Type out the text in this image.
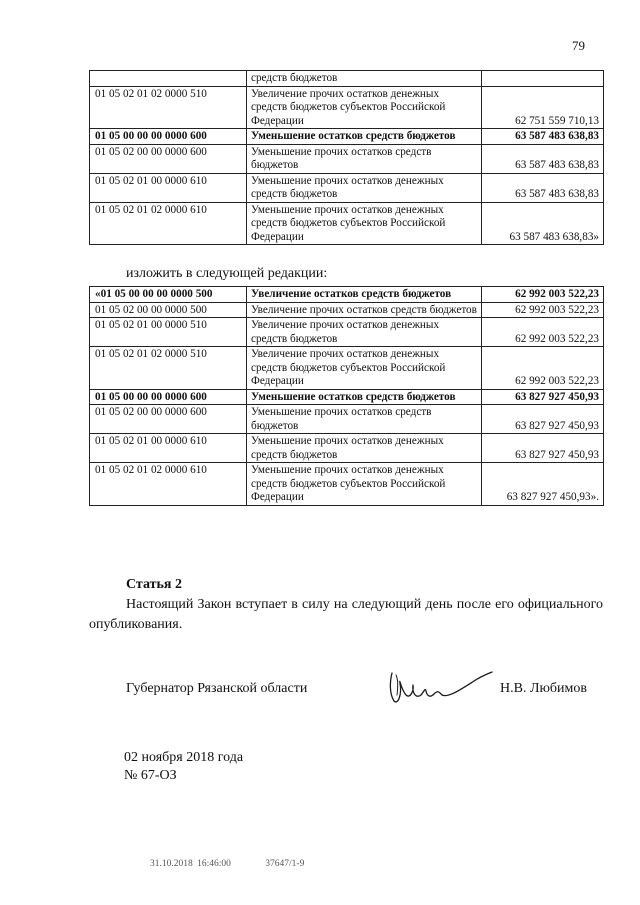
79
	средств бюджетов	
01 05 02 01 02 0000 510	Увеличение прочих остатков денежных средств бюджетов субъектов Российской Федерации	62 751 559 710,13
01 05 00 00 00 0000 600	Уменьшение остатков средств бюджетов	63 587 483 638,83
01 05 02 00 00 0000 600	Уменьшение прочих остатков средств бюджетов	63 587 483 638,83
01 05 02 01 00 0000 610	Уменьшение прочих остатков денежных средств бюджетов	63 587 483 638,83
01 05 02 01 02 0000 610	Уменьшение прочих остатков денежных средств бюджетов субъектов Российской Федерации	63 587 483 638,83»
изложить в следующей редакции:
«01 05 00 00 00 0000 500	Увеличение остатков средств бюджетов	62 992 003 522,23
01 05 02 00 00 0000 500	Увеличение прочих остатков средств бюджетов	62 992 003 522,23
01 05 02 01 00 0000 510	Увеличение прочих остатков денежных средств бюджетов	62 992 003 522,23
01 05 02 01 02 0000 510	Увеличение прочих остатков денежных средств бюджетов субъектов Российской Федерации	62 992 003 522,23
01 05 00 00 00 0000 600	Уменьшение остатков средств бюджетов	63 827 927 450,93
01 05 02 00 00 0000 600	Уменьшение прочих остатков средств бюджетов	63 827 927 450,93
01 05 02 01 00 0000 610	Уменьшение прочих остатков денежных средств бюджетов	63 827 927 450,93
01 05 02 01 02 0000 610	Уменьшение прочих остатков денежных средств бюджетов субъектов Российской Федерации	63 827 927 450,93».
Статья 2

Настоящий Закон вступает в силу на следующий день после его официального опубликования.

Губернатор Рязанской области	Н.В. Любимов
02 ноября 2018 года
№ 67-ОЗ
31.10.2018 16:46:00	37647/1-9
